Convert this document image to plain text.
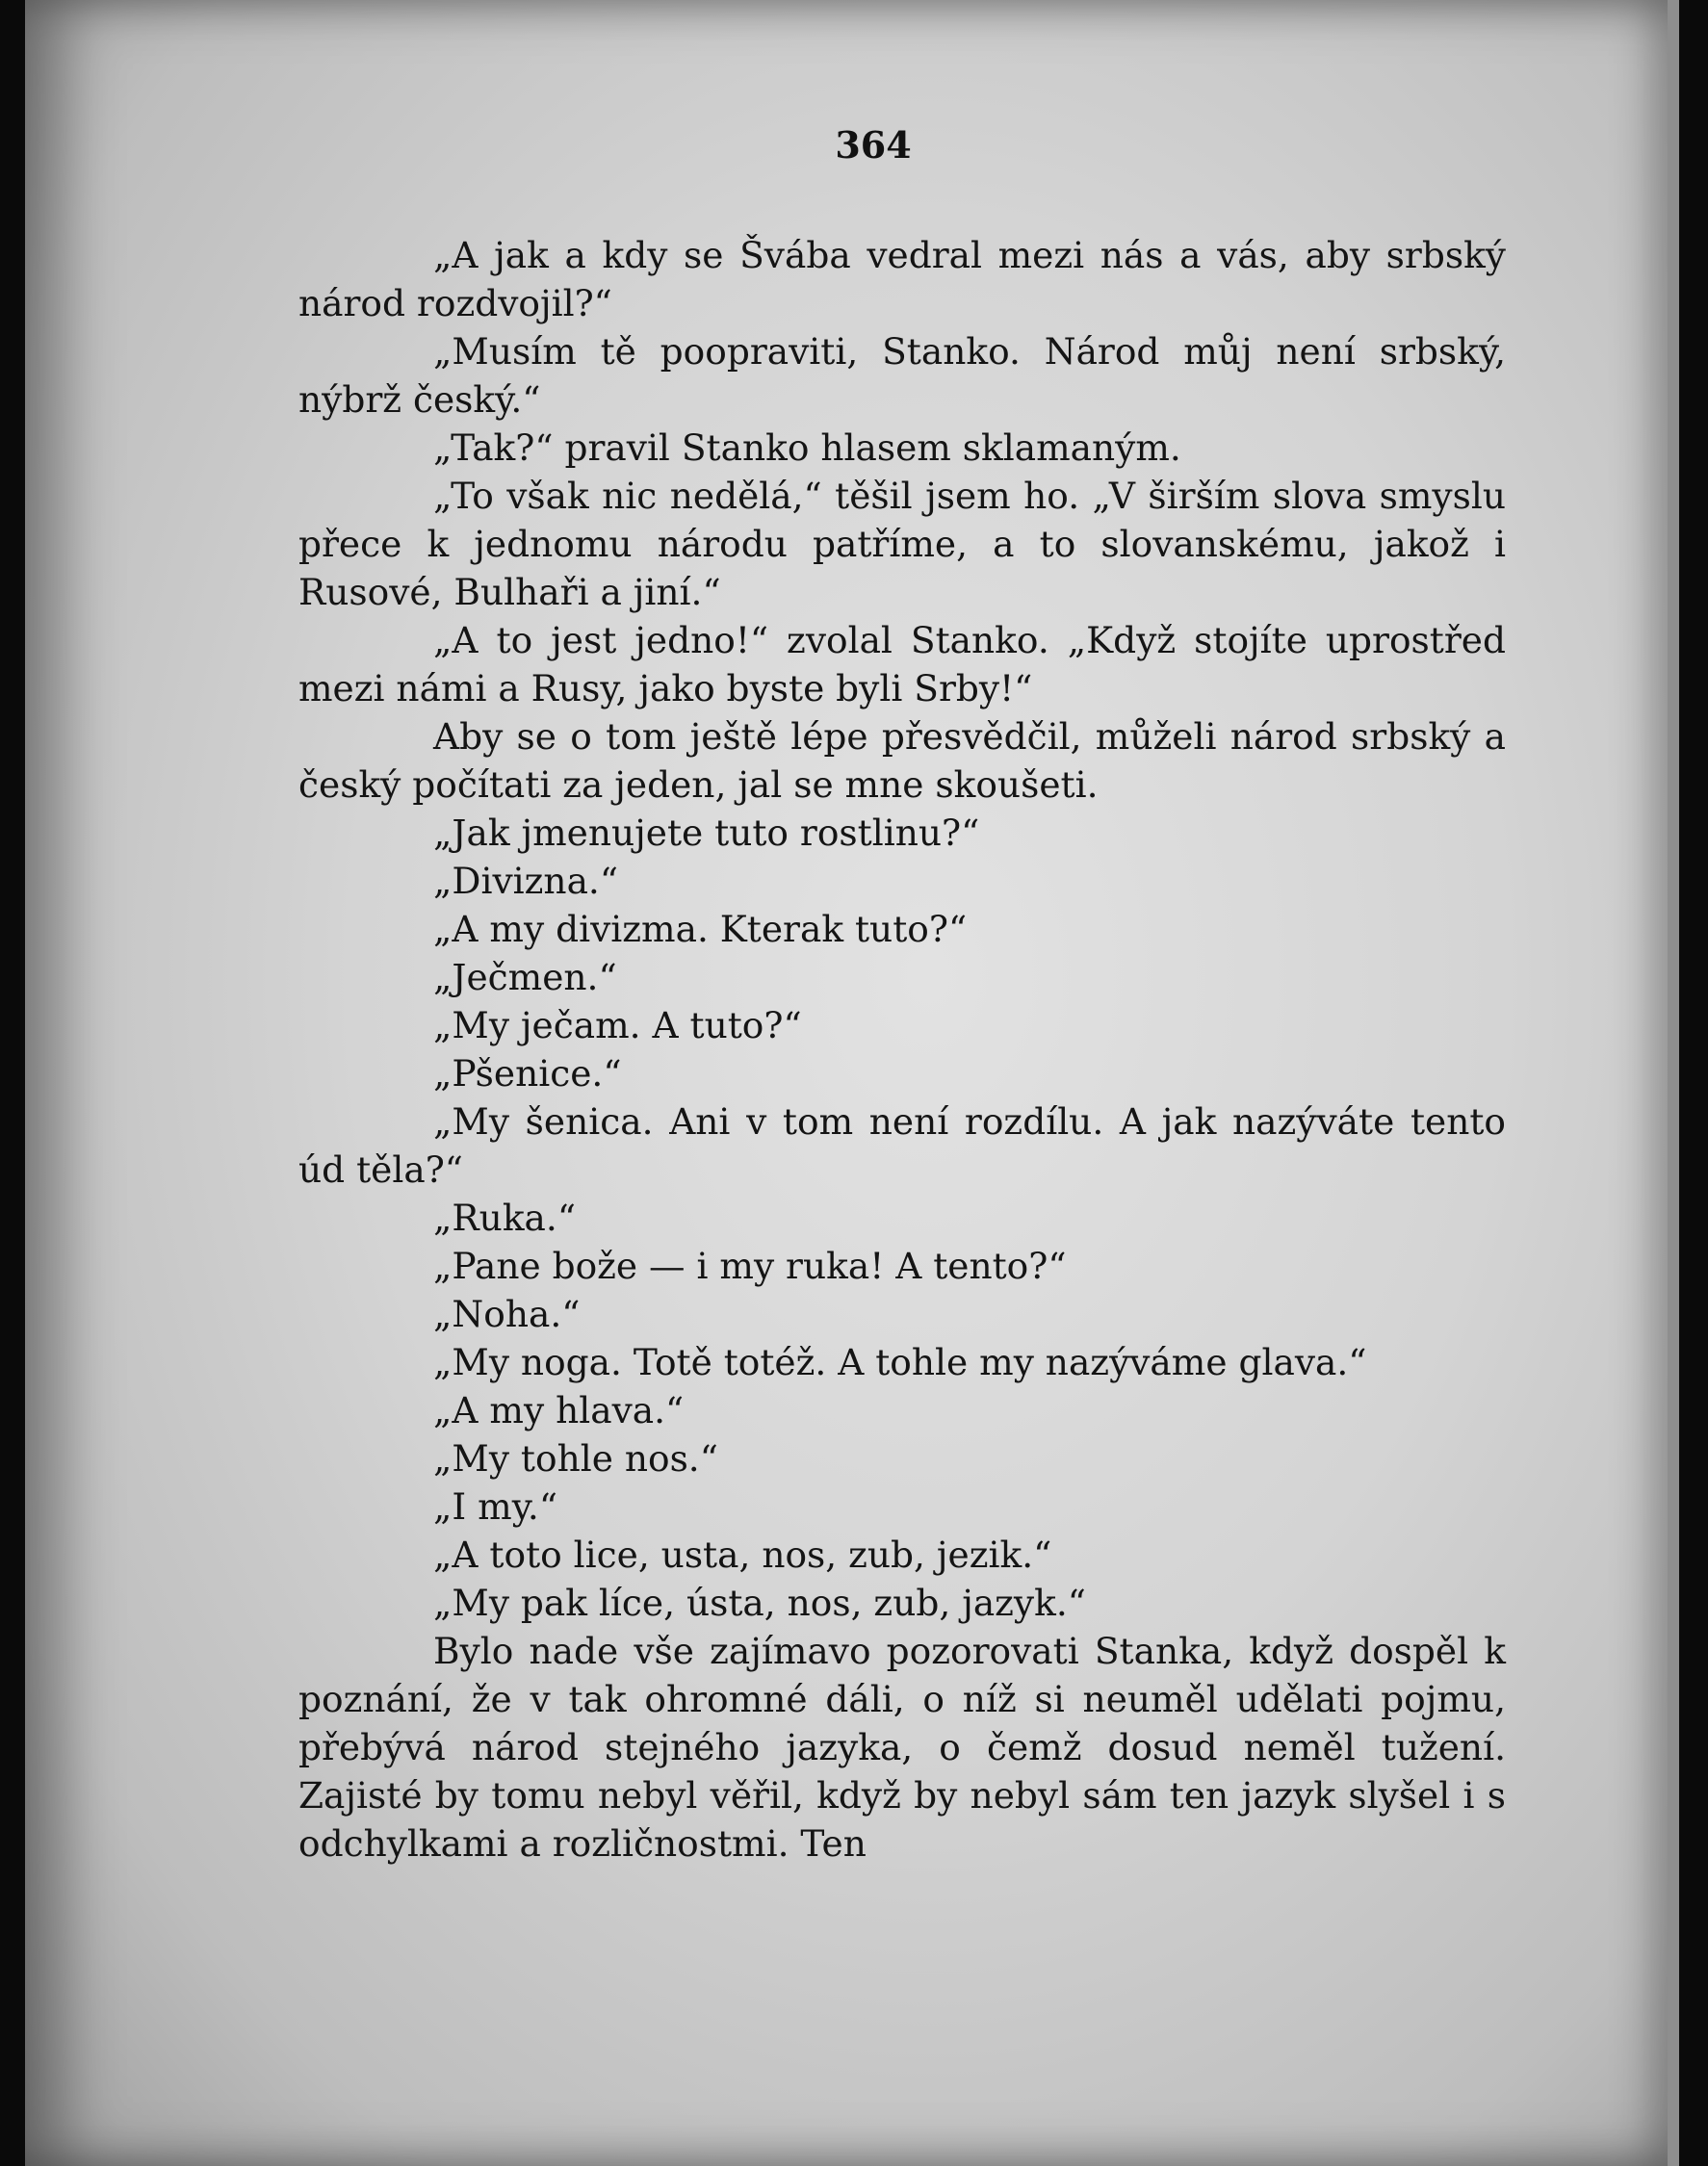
364

„A jak a kdy se Švába vedral mezi nás a vás, aby srbský národ rozdvojil?“

„Musím tě poopraviti, Stanko. Národ můj není srbský, nýbrž český.“

„Tak?“ pravil Stanko hlasem sklamaným.

„To však nic nedělá,“ těšil jsem ho. „V širším slova smyslu přece k jednomu národu patříme, a to slovanskému, jakož i Rusové, Bulhaři a jiní.“

„A to jest jedno!“ zvolal Stanko. „Když stojíte uprostřed mezi námi a Rusy, jako byste byli Srby!“

Aby se o tom ještě lépe přesvědčil, můželi národ srbský a český počítati za jeden, jal se mne skoušeti.

„Jak jmenujete tuto rostlinu?“

„Divizna.“

„A my divizma. Kterak tuto?“

„Ječmen.“

„My ječam. A tuto?“

„Pšenice.“

„My šenica. Ani v tom není rozdílu. A jak nazýváte tento úd těla?“

„Ruka.“

„Pane bože — i my ruka! A tento?“

„Noha.“

„My noga. Totě totéž. A tohle my nazýváme glava.“

„A my hlava.“

„My tohle nos.“

„I my.“

„A toto lice, usta, nos, zub, jezik.“

„My pak líce, ústa, nos, zub, jazyk.“

Bylo nade vše zajímavo pozorovati Stanka, když dospěl k poznání, že v tak ohromné dáli, o níž si neuměl udělati pojmu, přebývá národ stejného jazyka, o čemž dosud neměl tužení. Zajisté by tomu nebyl věřil, když by nebyl sám ten jazyk slyšel i s odchylkami a rozličnostmi. Ten
